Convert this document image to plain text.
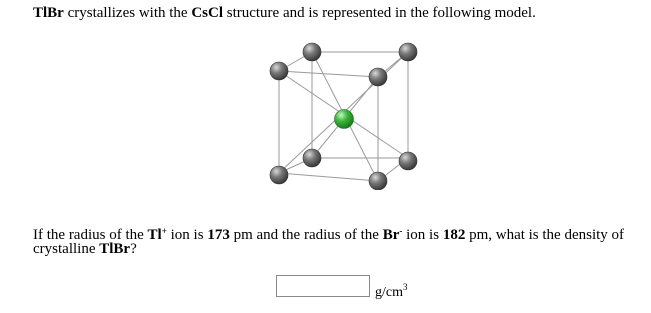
TlBr crystallizes with the CsCl structure and is represented in the following model.
If the radius of the Tl+ ion is 173 pm and the radius of the Br- ion is 182 pm, what is the density of
crystalline TlBr?
$g/cm^3$
